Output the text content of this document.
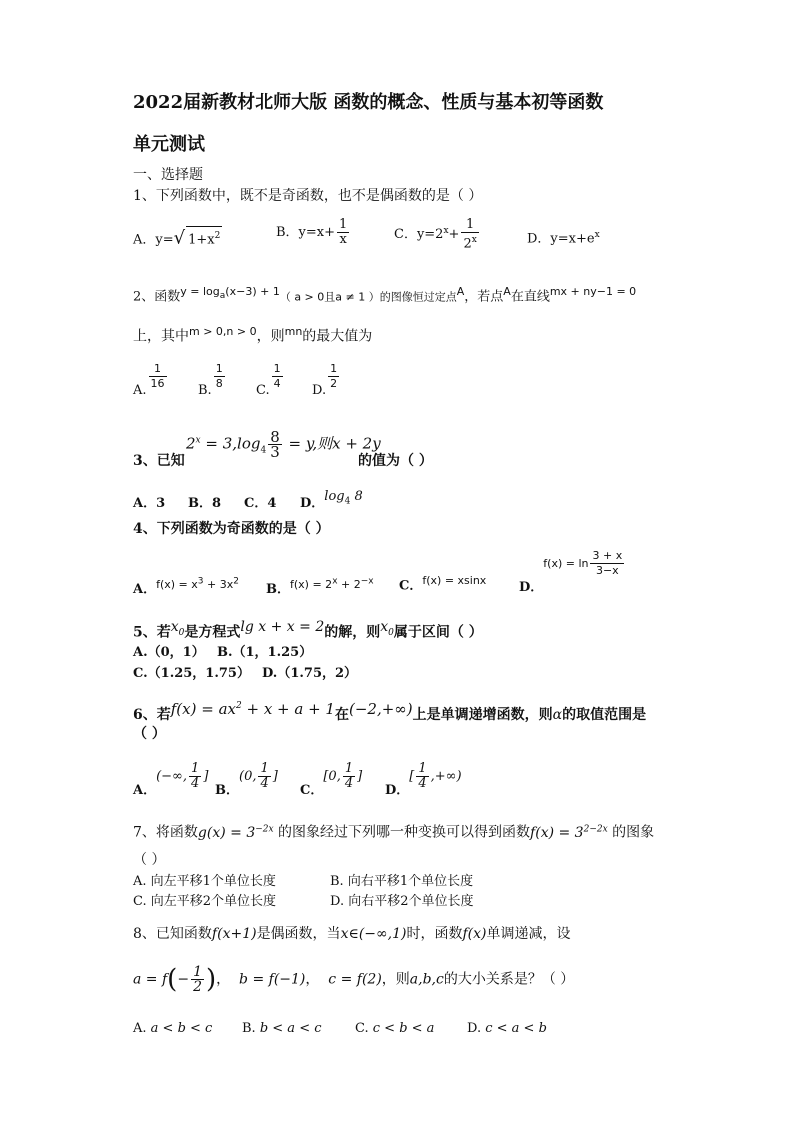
2022届新教材北师大版 函数的概念、性质与基本初等函数
单元测试
一、选择题
1、下列函数中，既不是奇函数，也不是偶函数的是（ ）
A．y=√ $1+x^2$	B．$y=x+ \frac{1}{x}$	C．$y=2^x+ \frac{1}{2^x}$	D．$y=x+e^x$
2、函数$^{y = log_a(x-3) + 1}$（ a > 0且a ≠ 1 ）的图像恒过定点$^A$，若点$^A$在直线$^{mx + ny-1 = 0}$
上，其中$^{m > 0,n > 0}$，则$^{mn}$的最大值为
A. $\frac{1}{16} B$. $\frac{1}{8} C$. $\frac{1}{4} D$. $\frac{1}{2}$
$2^x = 3,\log_4 \frac{8}{3} = y$,则x + 2y
3、已知	的值为（ ）
A．3 B．8 C．4 D．$\log_4 8$
4、下列函数为奇函数的是（ ）
A．$^{f(x) = x^3 + 3x^2}$
B．$^{f(x) = 2^x + 2^{-x}}$ C．$^{f(x) = xsinx}$	D．$f(x) = \ln \frac{3 + x}{3-x}$
5、若$x_0$是方程式lg x + x = 2的解，则$x_0$属于区间（ ）
A.（0，1） B.（1，1.25）
C.（1.25，1.75） D.（1.75，2）
6、若$f(x) = ax^2 + x + a + 1$在(−2,+∞)上是单调递增函数，则α的取值范围是
（ ）
A．(−∞, $\frac{1}{4}$ ]
B．(0, $\frac{1}{4}$ ]
C．[0, $\frac{1}{4}$ ]
D．[ $\frac{1}{4}$ ,+∞)
7、将函数$g(x) = 3^{-2x}$ 的图象经过下列哪一种变换可以得到函数$f(x) = 3^{2-2x}$ 的图象
（ ）
A. 向左平移1个单位长度	B. 向右平移1个单位长度
C. 向左平移2个单位长度	D. 向右平移2个单位长度
8、已知函数f(x+1)是偶函数，当x∈(−∞,1)时，函数f(x)单调递减，设
$a = f(- \frac{1}{2}$ )，  b = f(−1)，  c = f(2)，则a,b,c的大小关系是？（ ）
A. a < b < c B. b < a < c	C. c < b < a	D. c < a < b
